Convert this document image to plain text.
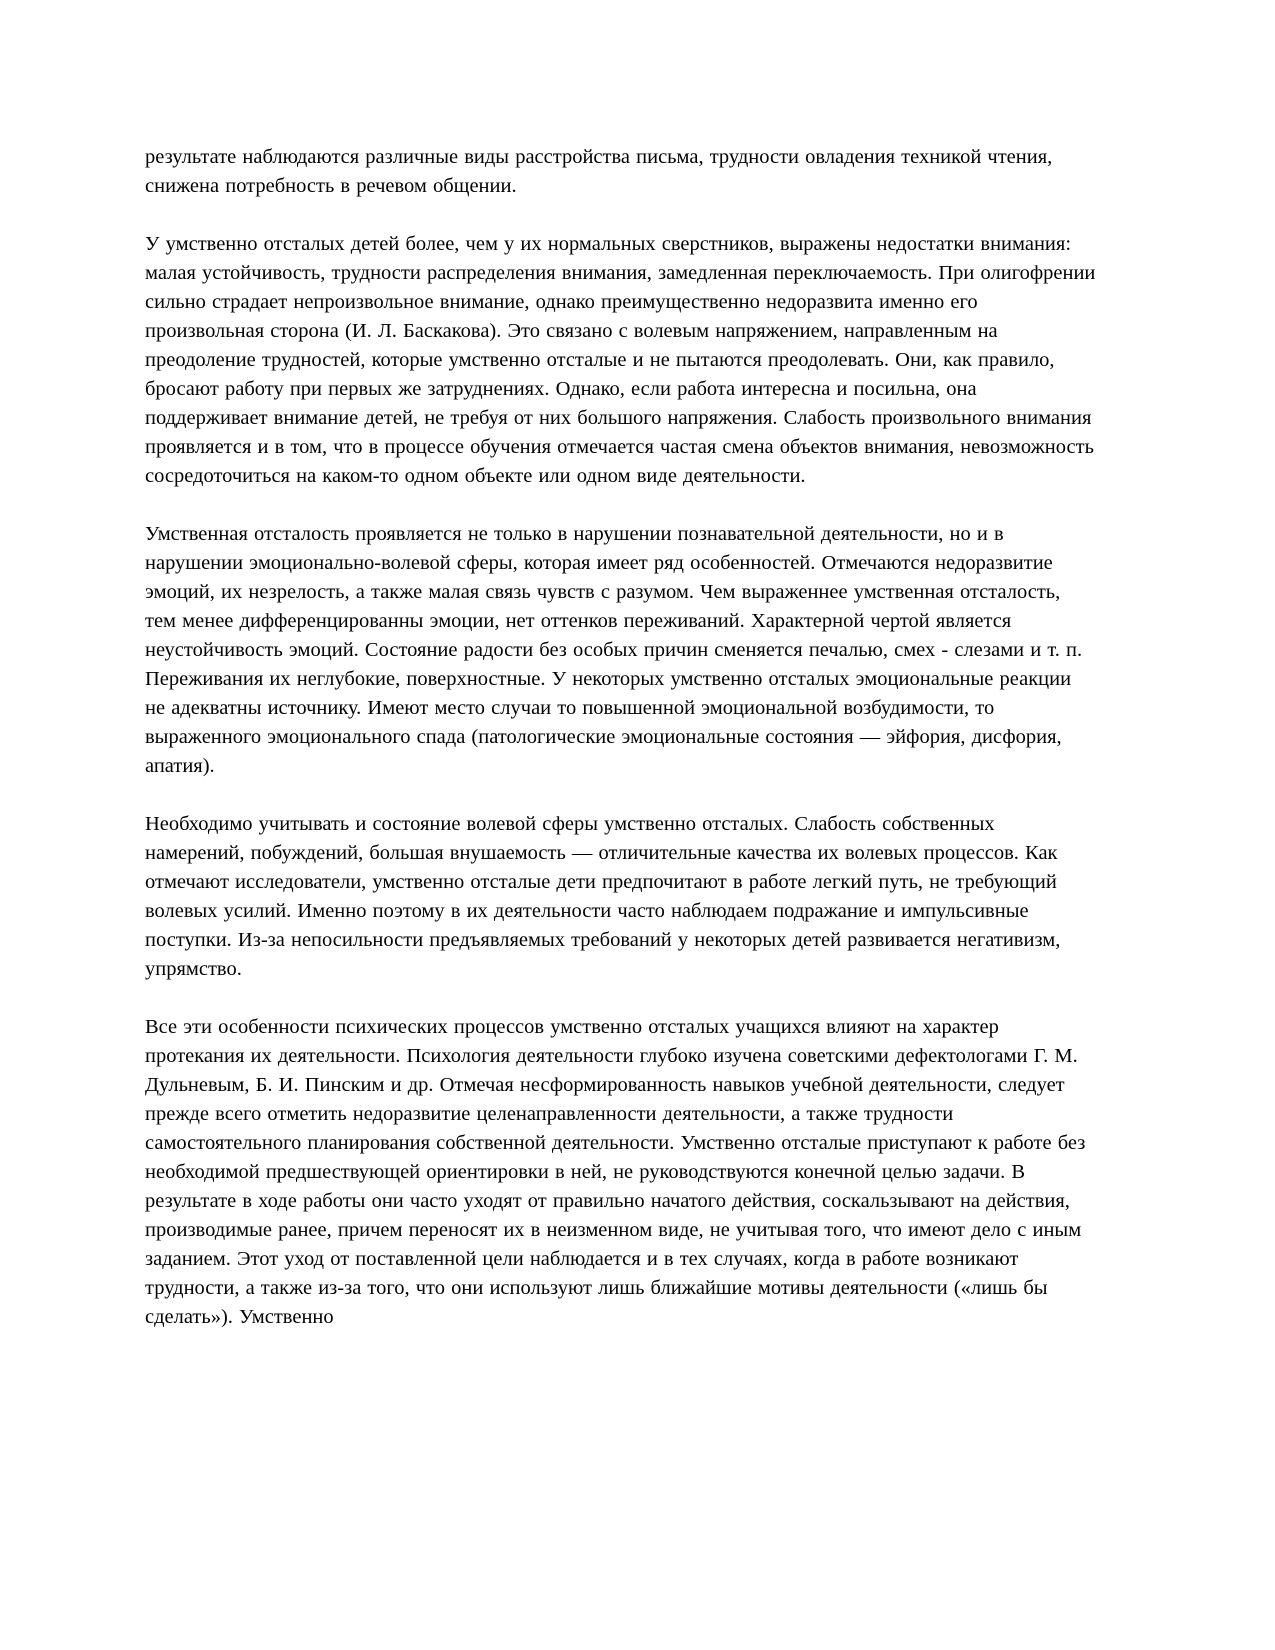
результате наблюдаются различные виды расстройства письма, трудности овладения техникой чтения, снижена потребность в речевом общении.

У умственно отсталых детей более, чем у их нормальных сверстников, выражены недостатки внимания: малая устойчивость, трудности распределения внимания, замедленная переключаемость. При олигофрении сильно страдает непроизвольное внимание, однако преимущественно недоразвита именно его произвольная сторона (И. Л. Баскакова). Это связано с волевым напряжением, направленным на преодоление трудностей, которые умственно отсталые и не пытаются преодолевать. Они, как правило, бросают работу при первых же затруднениях. Однако, если работа интересна и посильна, она поддерживает внимание детей, не требуя от них большого напряжения. Слабость произвольного внимания проявляется и в том, что в процессе обучения отмечается частая смена объектов внимания, невозможность сосредоточиться на каком-то одном объекте или одном виде деятельности.

Умственная отсталость проявляется не только в нарушении познавательной деятельности, но и в нарушении эмоционально-волевой сферы, которая имеет ряд особенностей. Отмечаются недоразвитие эмоций, их незрелость, а также малая связь чувств с разумом. Чем выраженнее умственная отсталость, тем менее дифференцированны эмоции, нет оттенков переживаний. Характерной чертой является неустойчивость эмоций. Состояние радости без особых причин сменяется печалью, смех - слезами и т. п. Переживания их неглубокие, поверхностные. У некоторых умственно отсталых эмоциональные реакции не адекватны источнику. Имеют место случаи то повышенной эмоциональной возбудимости, то выраженного эмоционального спада (патологические эмоциональные состояния — эйфория, дисфория, апатия).

Необходимо учитывать и состояние волевой сферы умственно отсталых. Слабость собственных намерений, побуждений, большая внушаемость — отличительные качества их волевых процессов. Как отмечают исследователи, умственно отсталые дети предпочитают в работе легкий путь, не требующий волевых усилий. Именно поэтому в их деятельности часто наблюдаем подражание и импульсивные поступки. Из-за непосильности предъявляемых требований у некоторых детей развивается негативизм, упрямство.

Все эти особенности психических процессов умственно отсталых учащихся влияют на характер протекания их деятельности. Психология деятельности глубоко изучена советскими дефектологами Г. М. Дульневым, Б. И. Пинским и др. Отмечая несформированность навыков учебной деятельности, следует прежде всего отметить недоразвитие целенаправленности деятельности, а также трудности самостоятельного планирования собственной деятельности. Умственно отсталые приступают к работе без необходимой предшествующей ориентировки в ней, не руководствуются конечной целью задачи. В результате в ходе работы они часто уходят от правильно начатого действия, соскальзывают на действия, производимые ранее, причем переносят их в неизменном виде, не учитывая того, что имеют дело с иным заданием. Этот уход от поставленной цели наблюдается и в тех случаях, когда в работе возникают трудности, а также из-за того, что они используют лишь ближайшие мотивы деятельности («лишь бы сделать»). Умственно
